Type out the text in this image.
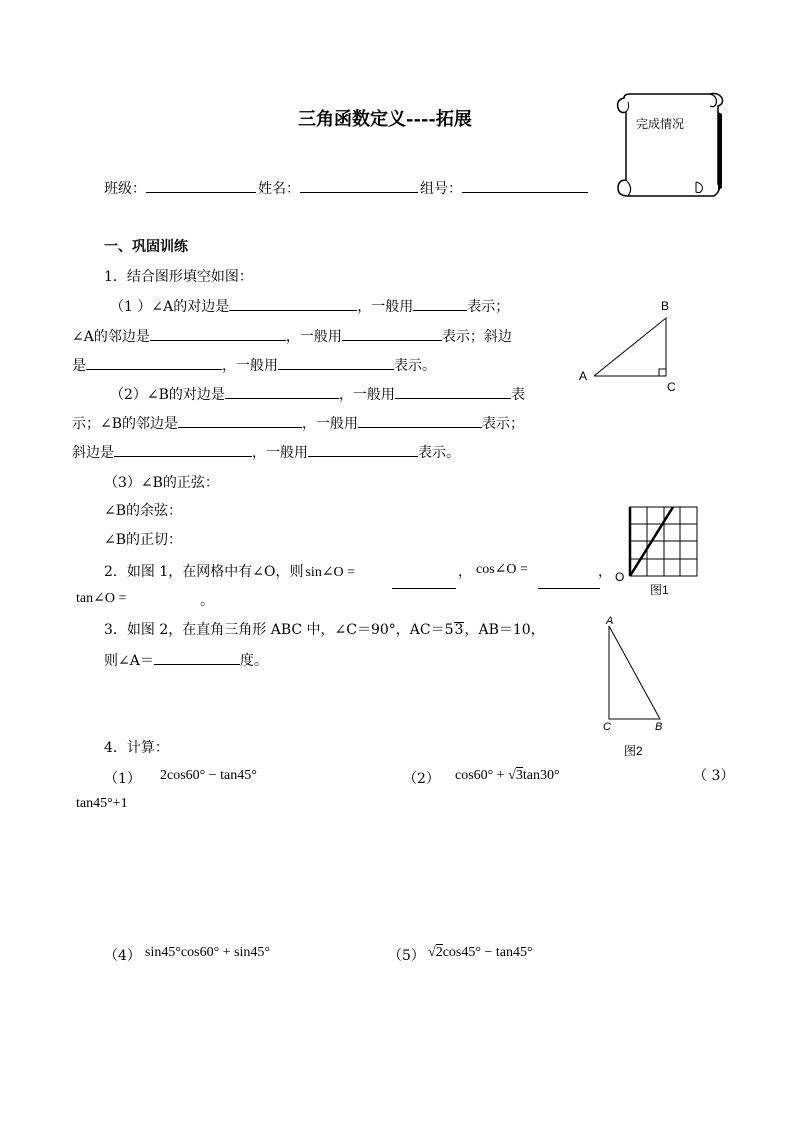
三角函数定义----拓展	完成情况
班级：	姓名：	组号：
一、巩固训练
1．结合图形填空如图：
（1 ）∠A的对边是	，一般用	表示；
∠A的邻边是	，一般用	表示；斜边
是	，一般用	表示。
（2）∠B的对边是	，一般用	表
示；∠B的邻边是	，一般用	表示；
斜边是	，一般用	表示。
（3）∠B的正弦：
∠B的余弦：
∠B的正切：
B
A
C
2．如图 1，在网格中有∠O，则 sin∠O =	， cos∠O =	，
tan∠O =	。
O
图1
3．如图 2，在直角三角形 ABC 中，∠C＝90°，AC＝53，AB＝10，
则∠A＝	度。
A
C	B
图2
4．计算：
（1） 2cos60° − tan45°	（2） cos60° + √3tan30°	（ 3）
tan45°+1
（4） sin45°cos60° + sin45°	（5） √2cos45° − tan45°
